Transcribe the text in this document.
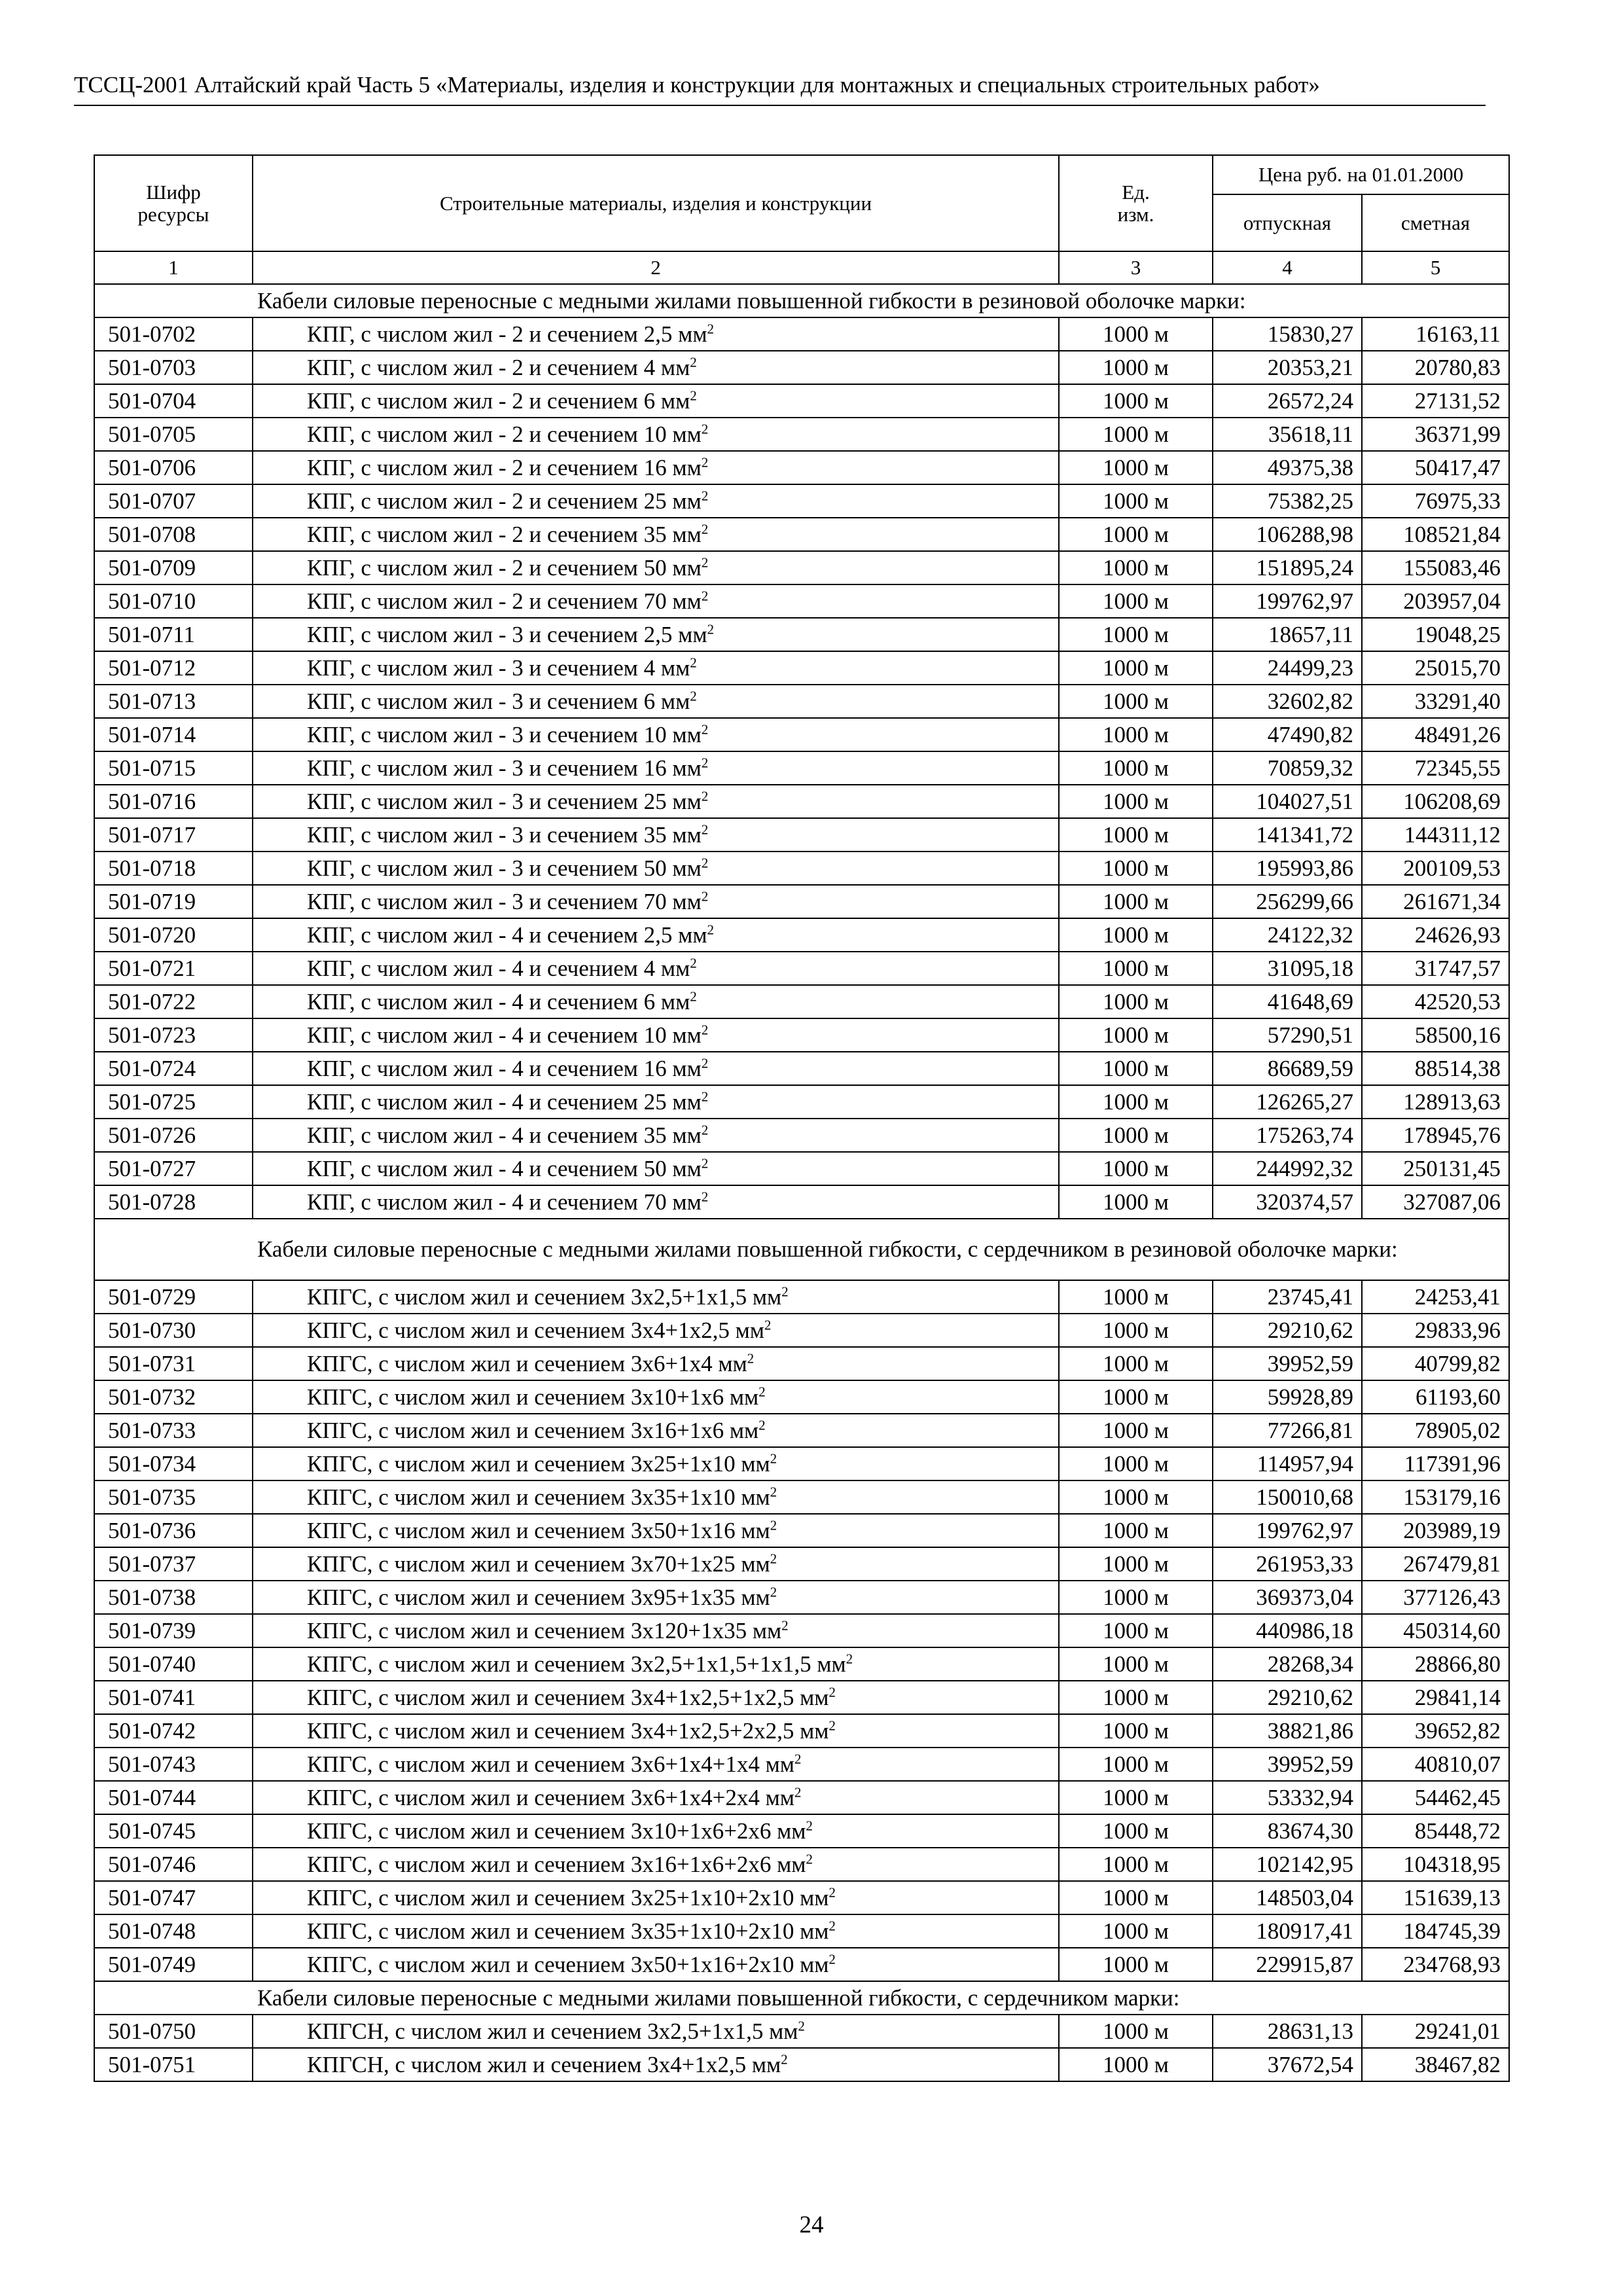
ТССЦ-2001 Алтайский край Часть 5 «Материалы, изделия и конструкции для монтажных и специальных строительных работ»
Шифр ресурсы	Строительные материалы, изделия и конструкции	Ед. изм.	Цена руб. на 01.01.2000	
			отпускная	сметная
1	2	3	4	5
Кабели силовые переносные с медными жилами повышенной гибкости в резиновой оболочке марки:				
501-0702	КПГ, с числом жил - 2 и сечением 2,5 $мм^2$	1000 м	15830,27	16163,11
501-0703	КПГ, с числом жил - 2 и сечением 4 $мм^2$	1000 м	20353,21	20780,83
501-0704	КПГ, с числом жил - 2 и сечением 6 $мм^2$	1000 м	26572,24	27131,52
501-0705	КПГ, с числом жил - 2 и сечением 10 $мм^2$	1000 м	35618,11	36371,99
501-0706	КПГ, с числом жил - 2 и сечением 16 $мм^2$	1000 м	49375,38	50417,47
501-0707	КПГ, с числом жил - 2 и сечением 25 $мм^2$	1000 м	75382,25	76975,33
501-0708	КПГ, с числом жил - 2 и сечением 35 $мм^2$	1000 м	106288,98	108521,84
501-0709	КПГ, с числом жил - 2 и сечением 50 $мм^2$	1000 м	151895,24	155083,46
501-0710	КПГ, с числом жил - 2 и сечением 70 $мм^2$	1000 м	199762,97	203957,04
501-0711	КПГ, с числом жил - 3 и сечением 2,5 $мм^2$	1000 м	18657,11	19048,25
501-0712	КПГ, с числом жил - 3 и сечением 4 $мм^2$	1000 м	24499,23	25015,70
501-0713	КПГ, с числом жил - 3 и сечением 6 $мм^2$	1000 м	32602,82	33291,40
501-0714	КПГ, с числом жил - 3 и сечением 10 $мм^2$	1000 м	47490,82	48491,26
501-0715	КПГ, с числом жил - 3 и сечением 16 $мм^2$	1000 м	70859,32	72345,55
501-0716	КПГ, с числом жил - 3 и сечением 25 $мм^2$	1000 м	104027,51	106208,69
501-0717	КПГ, с числом жил - 3 и сечением 35 $мм^2$	1000 м	141341,72	144311,12
501-0718	КПГ, с числом жил - 3 и сечением 50 $мм^2$	1000 м	195993,86	200109,53
501-0719	КПГ, с числом жил - 3 и сечением 70 $мм^2$	1000 м	256299,66	261671,34
501-0720	КПГ, с числом жил - 4 и сечением 2,5 $мм^2$	1000 м	24122,32	24626,93
501-0721	КПГ, с числом жил - 4 и сечением 4 $мм^2$	1000 м	31095,18	31747,57
501-0722	КПГ, с числом жил - 4 и сечением 6 $мм^2$	1000 м	41648,69	42520,53
501-0723	КПГ, с числом жил - 4 и сечением 10 $мм^2$	1000 м	57290,51	58500,16
501-0724	КПГ, с числом жил - 4 и сечением 16 $мм^2$	1000 м	86689,59	88514,38
501-0725	КПГ, с числом жил - 4 и сечением 25 $мм^2$	1000 м	126265,27	128913,63
501-0726	КПГ, с числом жил - 4 и сечением 35 $мм^2$	1000 м	175263,74	178945,76
501-0727	КПГ, с числом жил - 4 и сечением 50 $мм^2$	1000 м	244992,32	250131,45
501-0728	КПГ, с числом жил - 4 и сечением 70 $мм^2$	1000 м	320374,57	327087,06
Кабели силовые переносные с медными жилами повышенной гибкости, с сердечником в резиновой оболочке марки:				
501-0729	КПГС, с числом жил и сечением 3х2,5+1х1,5 $мм^2$	1000 м	23745,41	24253,41
501-0730	КПГС, с числом жил и сечением 3х4+1х2,5 $мм^2$	1000 м	29210,62	29833,96
501-0731	КПГС, с числом жил и сечением 3х6+1х4 $мм^2$	1000 м	39952,59	40799,82
501-0732	КПГС, с числом жил и сечением 3х10+1х6 $мм^2$	1000 м	59928,89	61193,60
501-0733	КПГС, с числом жил и сечением 3х16+1х6 $мм^2$	1000 м	77266,81	78905,02
501-0734	КПГС, с числом жил и сечением 3х25+1х10 $мм^2$	1000 м	114957,94	117391,96
501-0735	КПГС, с числом жил и сечением 3х35+1х10 $мм^2$	1000 м	150010,68	153179,16
501-0736	КПГС, с числом жил и сечением 3х50+1х16 $мм^2$	1000 м	199762,97	203989,19
501-0737	КПГС, с числом жил и сечением 3х70+1х25 $мм^2$	1000 м	261953,33	267479,81
501-0738	КПГС, с числом жил и сечением 3х95+1х35 $мм^2$	1000 м	369373,04	377126,43
501-0739	КПГС, с числом жил и сечением 3х120+1х35 $мм^2$	1000 м	440986,18	450314,60
501-0740	КПГС, с числом жил и сечением 3х2,5+1х1,5+1х1,5 $мм^2$	1000 м	28268,34	28866,80
501-0741	КПГС, с числом жил и сечением 3х4+1х2,5+1х2,5 $мм^2$	1000 м	29210,62	29841,14
501-0742	КПГС, с числом жил и сечением 3х4+1х2,5+2х2,5 $мм^2$	1000 м	38821,86	39652,82
501-0743	КПГС, с числом жил и сечением 3х6+1х4+1х4 $мм^2$	1000 м	39952,59	40810,07
501-0744	КПГС, с числом жил и сечением 3х6+1х4+2х4 $мм^2$	1000 м	53332,94	54462,45
501-0745	КПГС, с числом жил и сечением 3х10+1х6+2х6 $мм^2$	1000 м	83674,30	85448,72
501-0746	КПГС, с числом жил и сечением 3х16+1х6+2х6 $мм^2$	1000 м	102142,95	104318,95
501-0747	КПГС, с числом жил и сечением 3х25+1х10+2х10 $мм^2$	1000 м	148503,04	151639,13
501-0748	КПГС, с числом жил и сечением 3х35+1х10+2х10 $мм^2$	1000 м	180917,41	184745,39
501-0749	КПГС, с числом жил и сечением 3х50+1х16+2х10 $мм^2$	1000 м	229915,87	234768,93
Кабели силовые переносные с медными жилами повышенной гибкости, с сердечником марки:				
501-0750	КПГСН, с числом жил и сечением 3х2,5+1х1,5 $мм^2$	1000 м	28631,13	29241,01
501-0751	КПГСН, с числом жил и сечением 3х4+1х2,5 $мм^2$	1000 м	37672,54	38467,82
24
